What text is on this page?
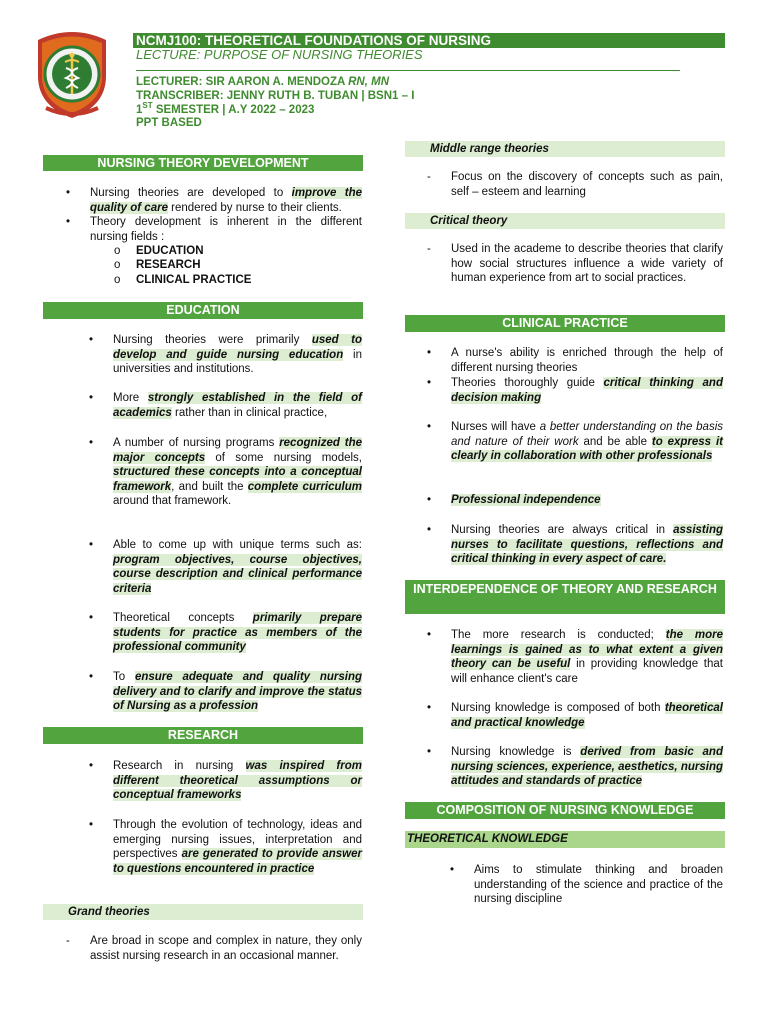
NCMJ100: THEORETICAL FOUNDATIONS OF NURSING
LECTURE: PURPOSE OF NURSING THEORIES
LECTURER: SIR AARON A. MENDOZA RN, MN
TRANSCRIBER: JENNY RUTH B. TUBAN | BSN1 – I
1ST SEMESTER | A.Y 2022 – 2023
PPT BASED
NURSING THEORY DEVELOPMENT
• Nursing theories are developed to improve the quality of care rendered by nurse to their clients.
• Theory development is inherent in the different nursing fields :
o EDUCATION
o RESEARCH
o CLINICAL PRACTICE
EDUCATION
• Nursing theories were primarily used to develop and guide nursing education in universities and institutions.
• More strongly established in the field of academics rather than in clinical practice,
• A number of nursing programs recognized the major concepts of some nursing models, structured these concepts into a conceptual framework, and built the complete curriculum around that framework.
• Able to come up with unique terms such as: program objectives, course objectives, course description and clinical performance criteria
• Theoretical concepts primarily prepare students for practice as members of the professional community
• To ensure adequate and quality nursing delivery and to clarify and improve the status of Nursing as a profession
RESEARCH
• Research in nursing was inspired from different theoretical assumptions or conceptual frameworks
• Through the evolution of technology, ideas and emerging nursing issues, interpretation and perspectives are generated to provide answer to questions encountered in practice
Grand theories
- Are broad in scope and complex in nature, they only assist nursing research in an occasional manner.
Middle range theories
- Focus on the discovery of concepts such as pain, self – esteem and learning
Critical theory
- Used in the academe to describe theories that clarify how social structures influence a wide variety of human experience from art to social practices.
CLINICAL PRACTICE
• A nurse's ability is enriched through the help of different nursing theories
• Theories thoroughly guide critical thinking and decision making
• Nurses will have a better understanding on the basis and nature of their work and be able to express it clearly in collaboration with other professionals
• Professional independence
• Nursing theories are always critical in assisting nurses to facilitate questions, reflections and critical thinking in every aspect of care.
INTERDEPENDENCE OF THEORY AND RESEARCH
• The more research is conducted; the more learnings is gained as to what extent a given theory can be useful in providing knowledge that will enhance client's care
• Nursing knowledge is composed of both theoretical and practical knowledge
• Nursing knowledge is derived from basic and nursing sciences, experience, aesthetics, nursing attitudes and standards of practice
COMPOSITION OF NURSING KNOWLEDGE
THEORETICAL KNOWLEDGE
• Aims to stimulate thinking and broaden understanding of the science and practice of the nursing discipline
